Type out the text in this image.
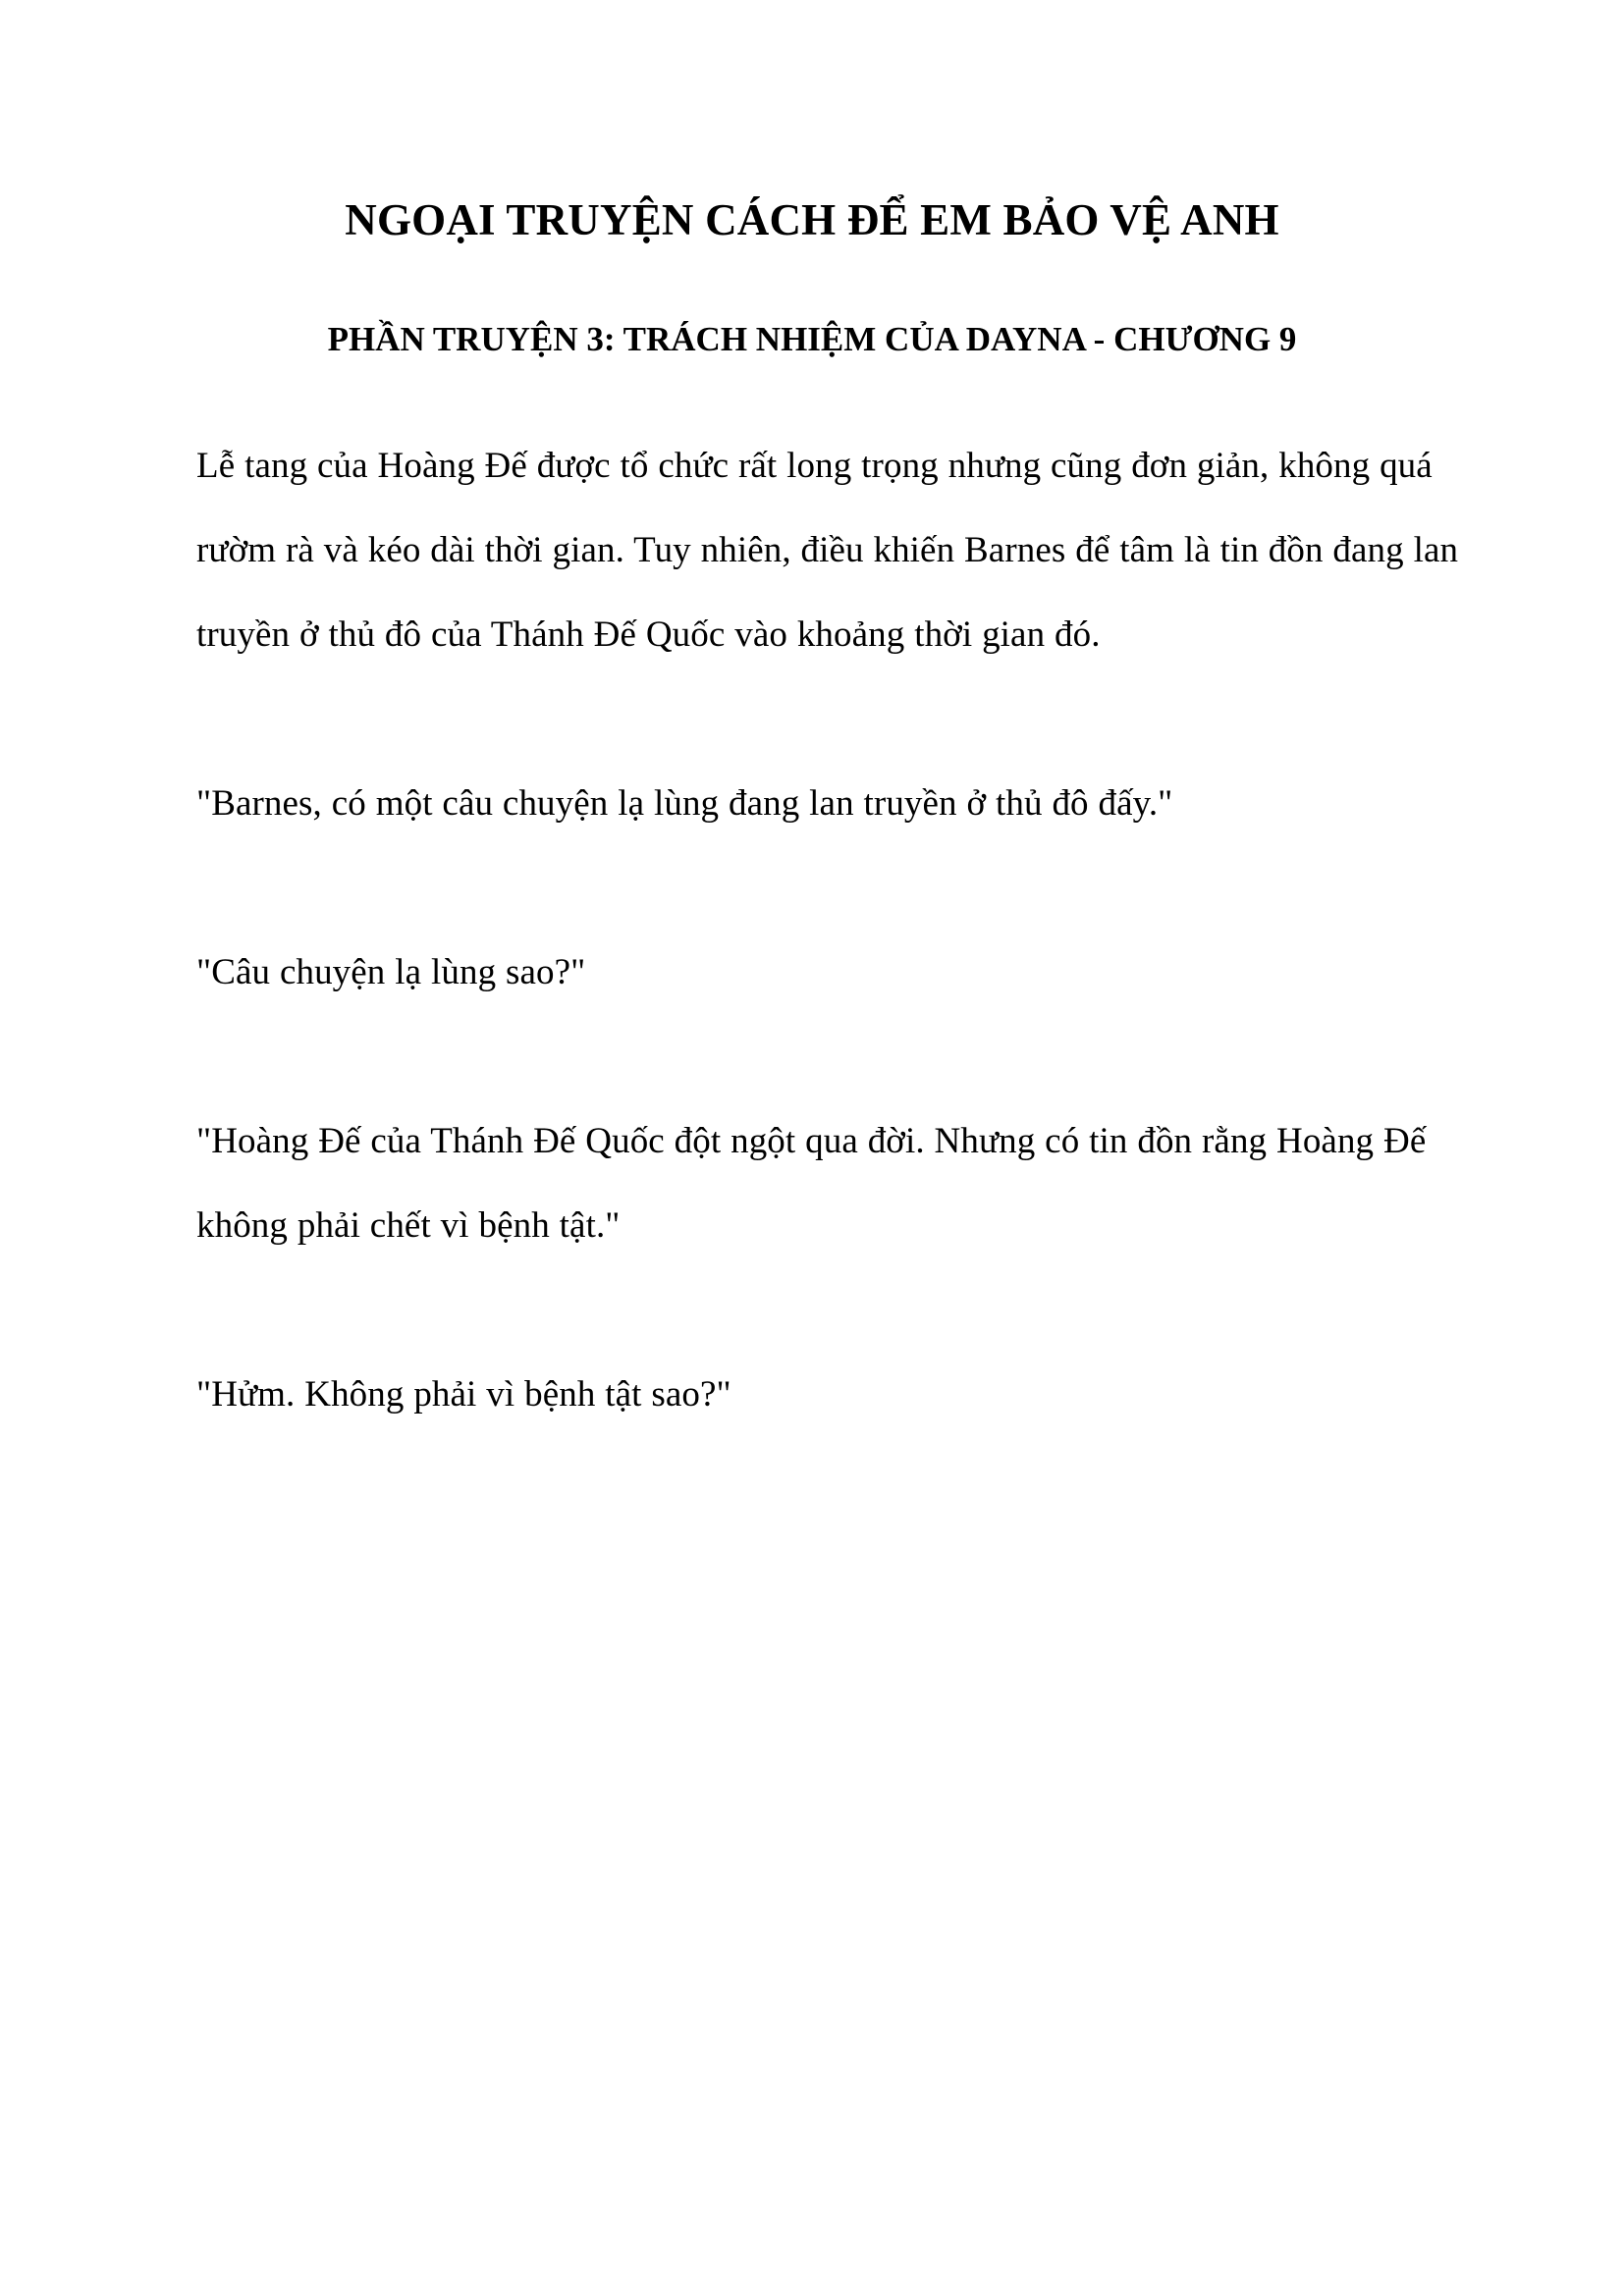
NGOẠI TRUYỆN CÁCH ĐỂ EM BẢO VỆ ANH
PHẦN TRUYỆN 3: TRÁCH NHIỆM CỦA DAYNA - CHƯƠNG 9

Lễ tang của Hoàng Đế được tổ chức rất long trọng nhưng cũng đơn giản, không quá rườm rà và kéo dài thời gian. Tuy nhiên, điều khiến Barnes để tâm là tin đồn đang lan truyền ở thủ đô của Thánh Đế Quốc vào khoảng thời gian đó.

"Barnes, có một câu chuyện lạ lùng đang lan truyền ở thủ đô đấy."

"Câu chuyện lạ lùng sao?"

"Hoàng Đế của Thánh Đế Quốc đột ngột qua đời. Nhưng có tin đồn rằng Hoàng Đế không phải chết vì bệnh tật."

"Hửm. Không phải vì bệnh tật sao?"
